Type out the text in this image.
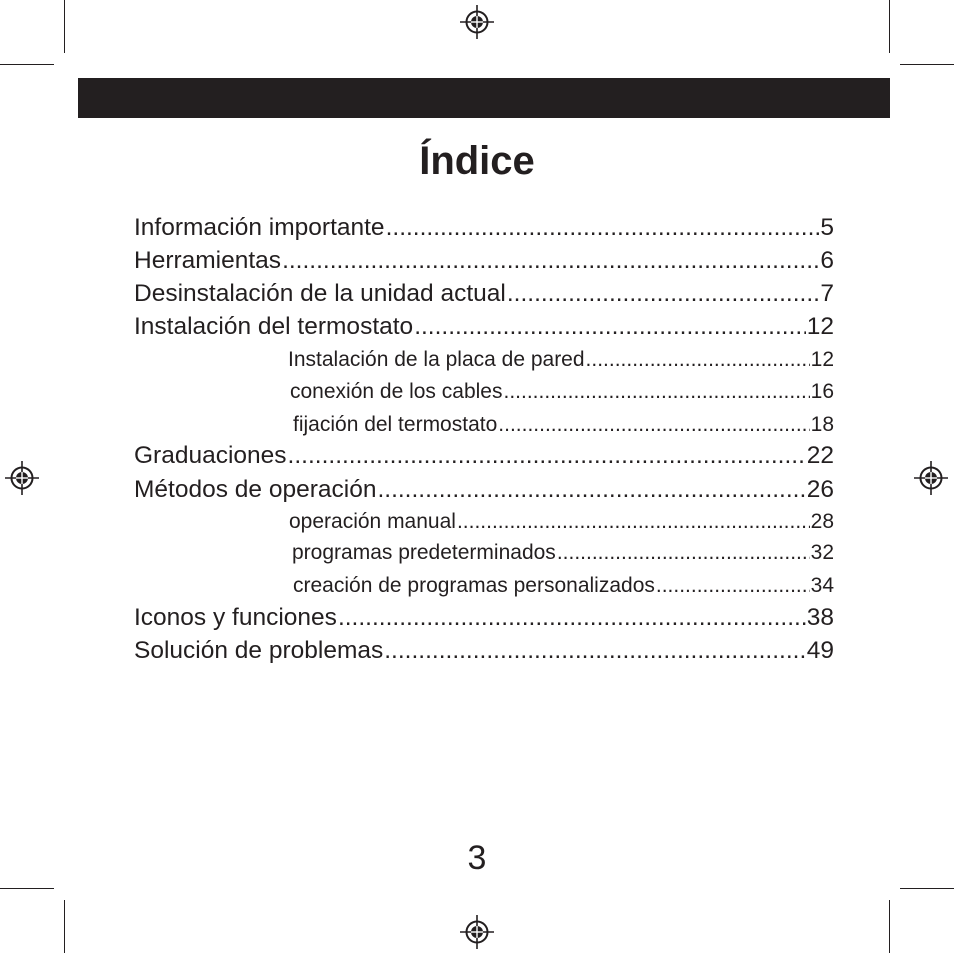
Índice
Información importante .....	5
Herramientas .....	6
Desinstalación de la unidad actual .....	7
Instalación del termostato .....	12
Instalación de la placa de pared .....	12
conexión de los cables .....	16
fijación del termostato .....	18
Graduaciones .....	22
Métodos de operación .....	26
operación manual .....	28
programas predeterminados .....	32
creación de programas personalizados .....	34
Iconos y funciones .....	38
Solución de problemas .....	49
3
